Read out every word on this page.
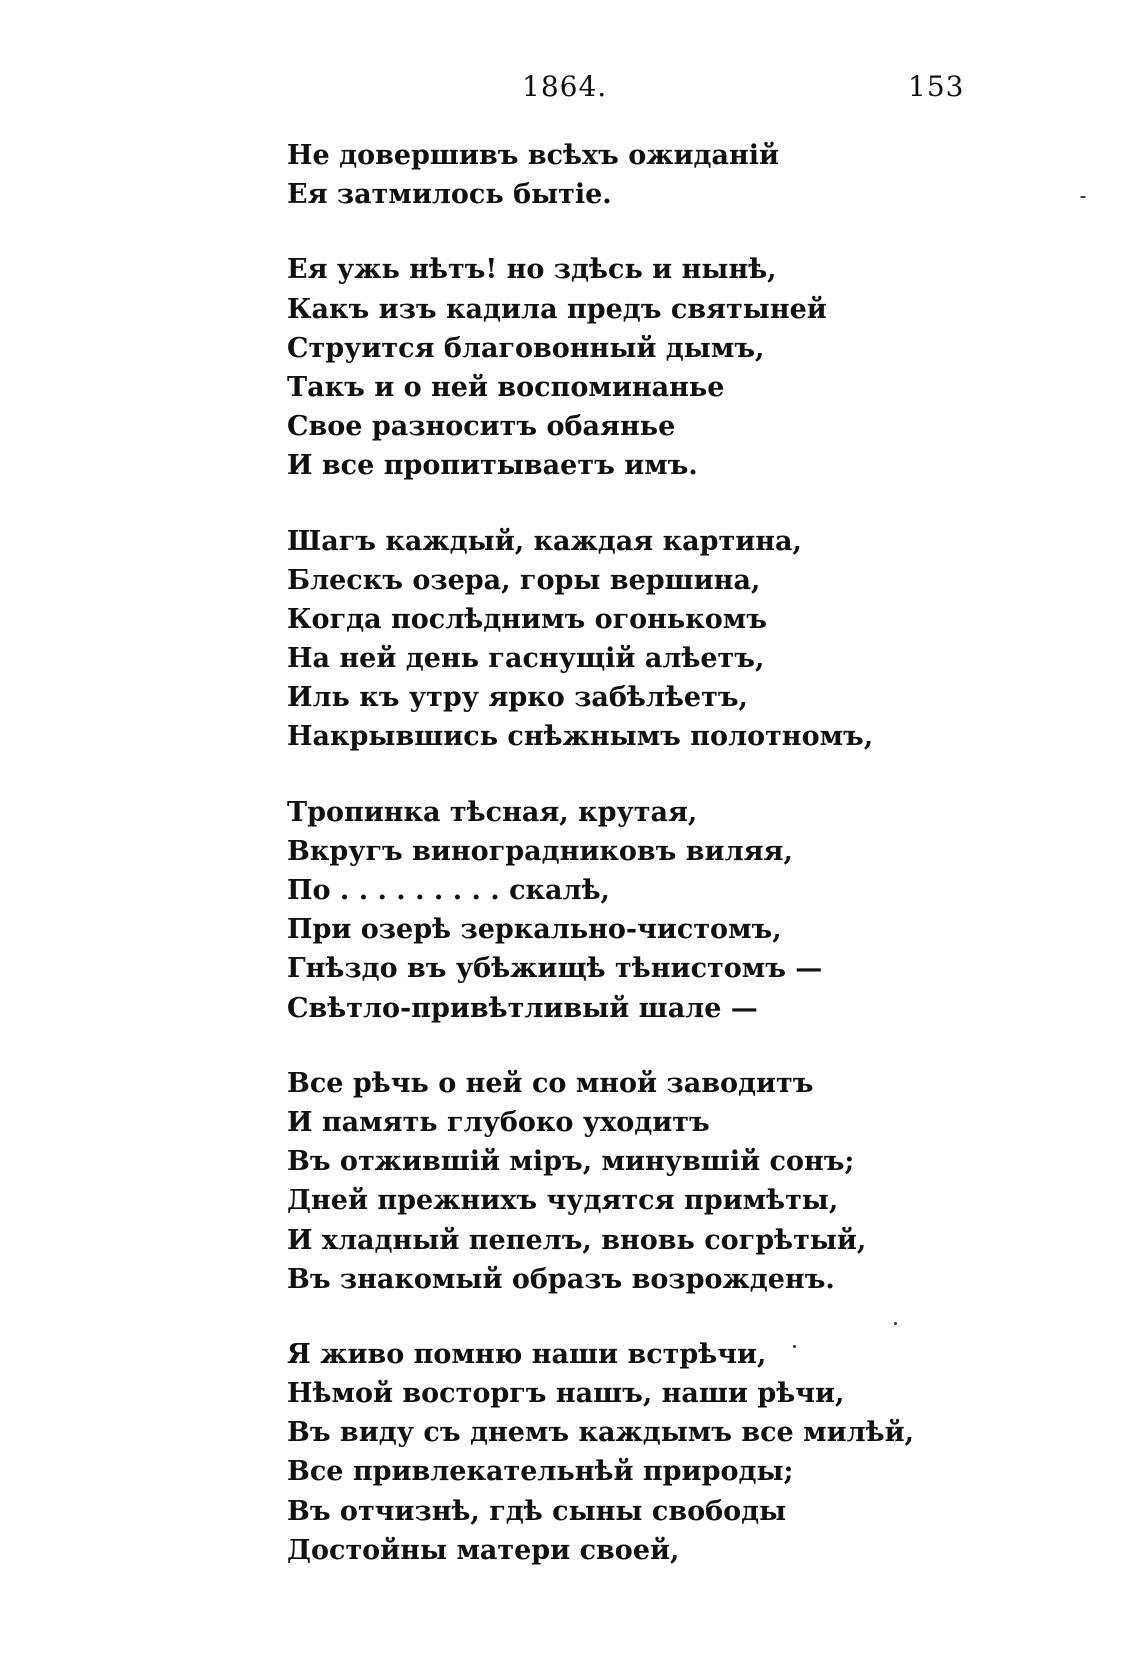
1864.	153
Не довершивъ всѣхъ ожиданій
Ея затмилось бытіе.
Ея ужь нѣтъ! но здѣсь и нынѣ,
Какъ изъ кадила предъ святыней
Струится благовонный дымъ,
Такъ и о ней воспоминанье
Свое разноситъ обаянье
И все пропитываетъ имъ.
Шагъ каждый, каждая картина,
Блескъ озера, горы вершина,
Когда послѣднимъ огонькомъ
На ней день гаснущій алѣетъ,
Иль къ утру ярко забѣлѣетъ,
Накрывшись снѣжнымъ полотномъ,
Тропинка тѣсная, крутая,
Вкругъ виноградниковъ виляя,
По . . . . . . . . . скалѣ,
При озерѣ зеркально-чистомъ,
Гнѣздо въ убѣжищѣ тѣнистомъ —
Свѣтло-привѣтливый шале —
Все рѣчь о ней со мной заводитъ
И память глубоко уходитъ
Въ отжившій міръ, минувшій сонъ;
Дней прежнихъ чудятся примѣты,
И хладный пепелъ, вновь согрѣтый,
Въ знакомый образъ возрожденъ.
Я живо помню наши встрѣчи,
Нѣмой восторгъ нашъ, наши рѣчи,
Въ виду съ днемъ каждымъ все милѣй,
Все привлекательнѣй природы;
Въ отчизнѣ, гдѣ сыны свободы
Достойны матери своей,
